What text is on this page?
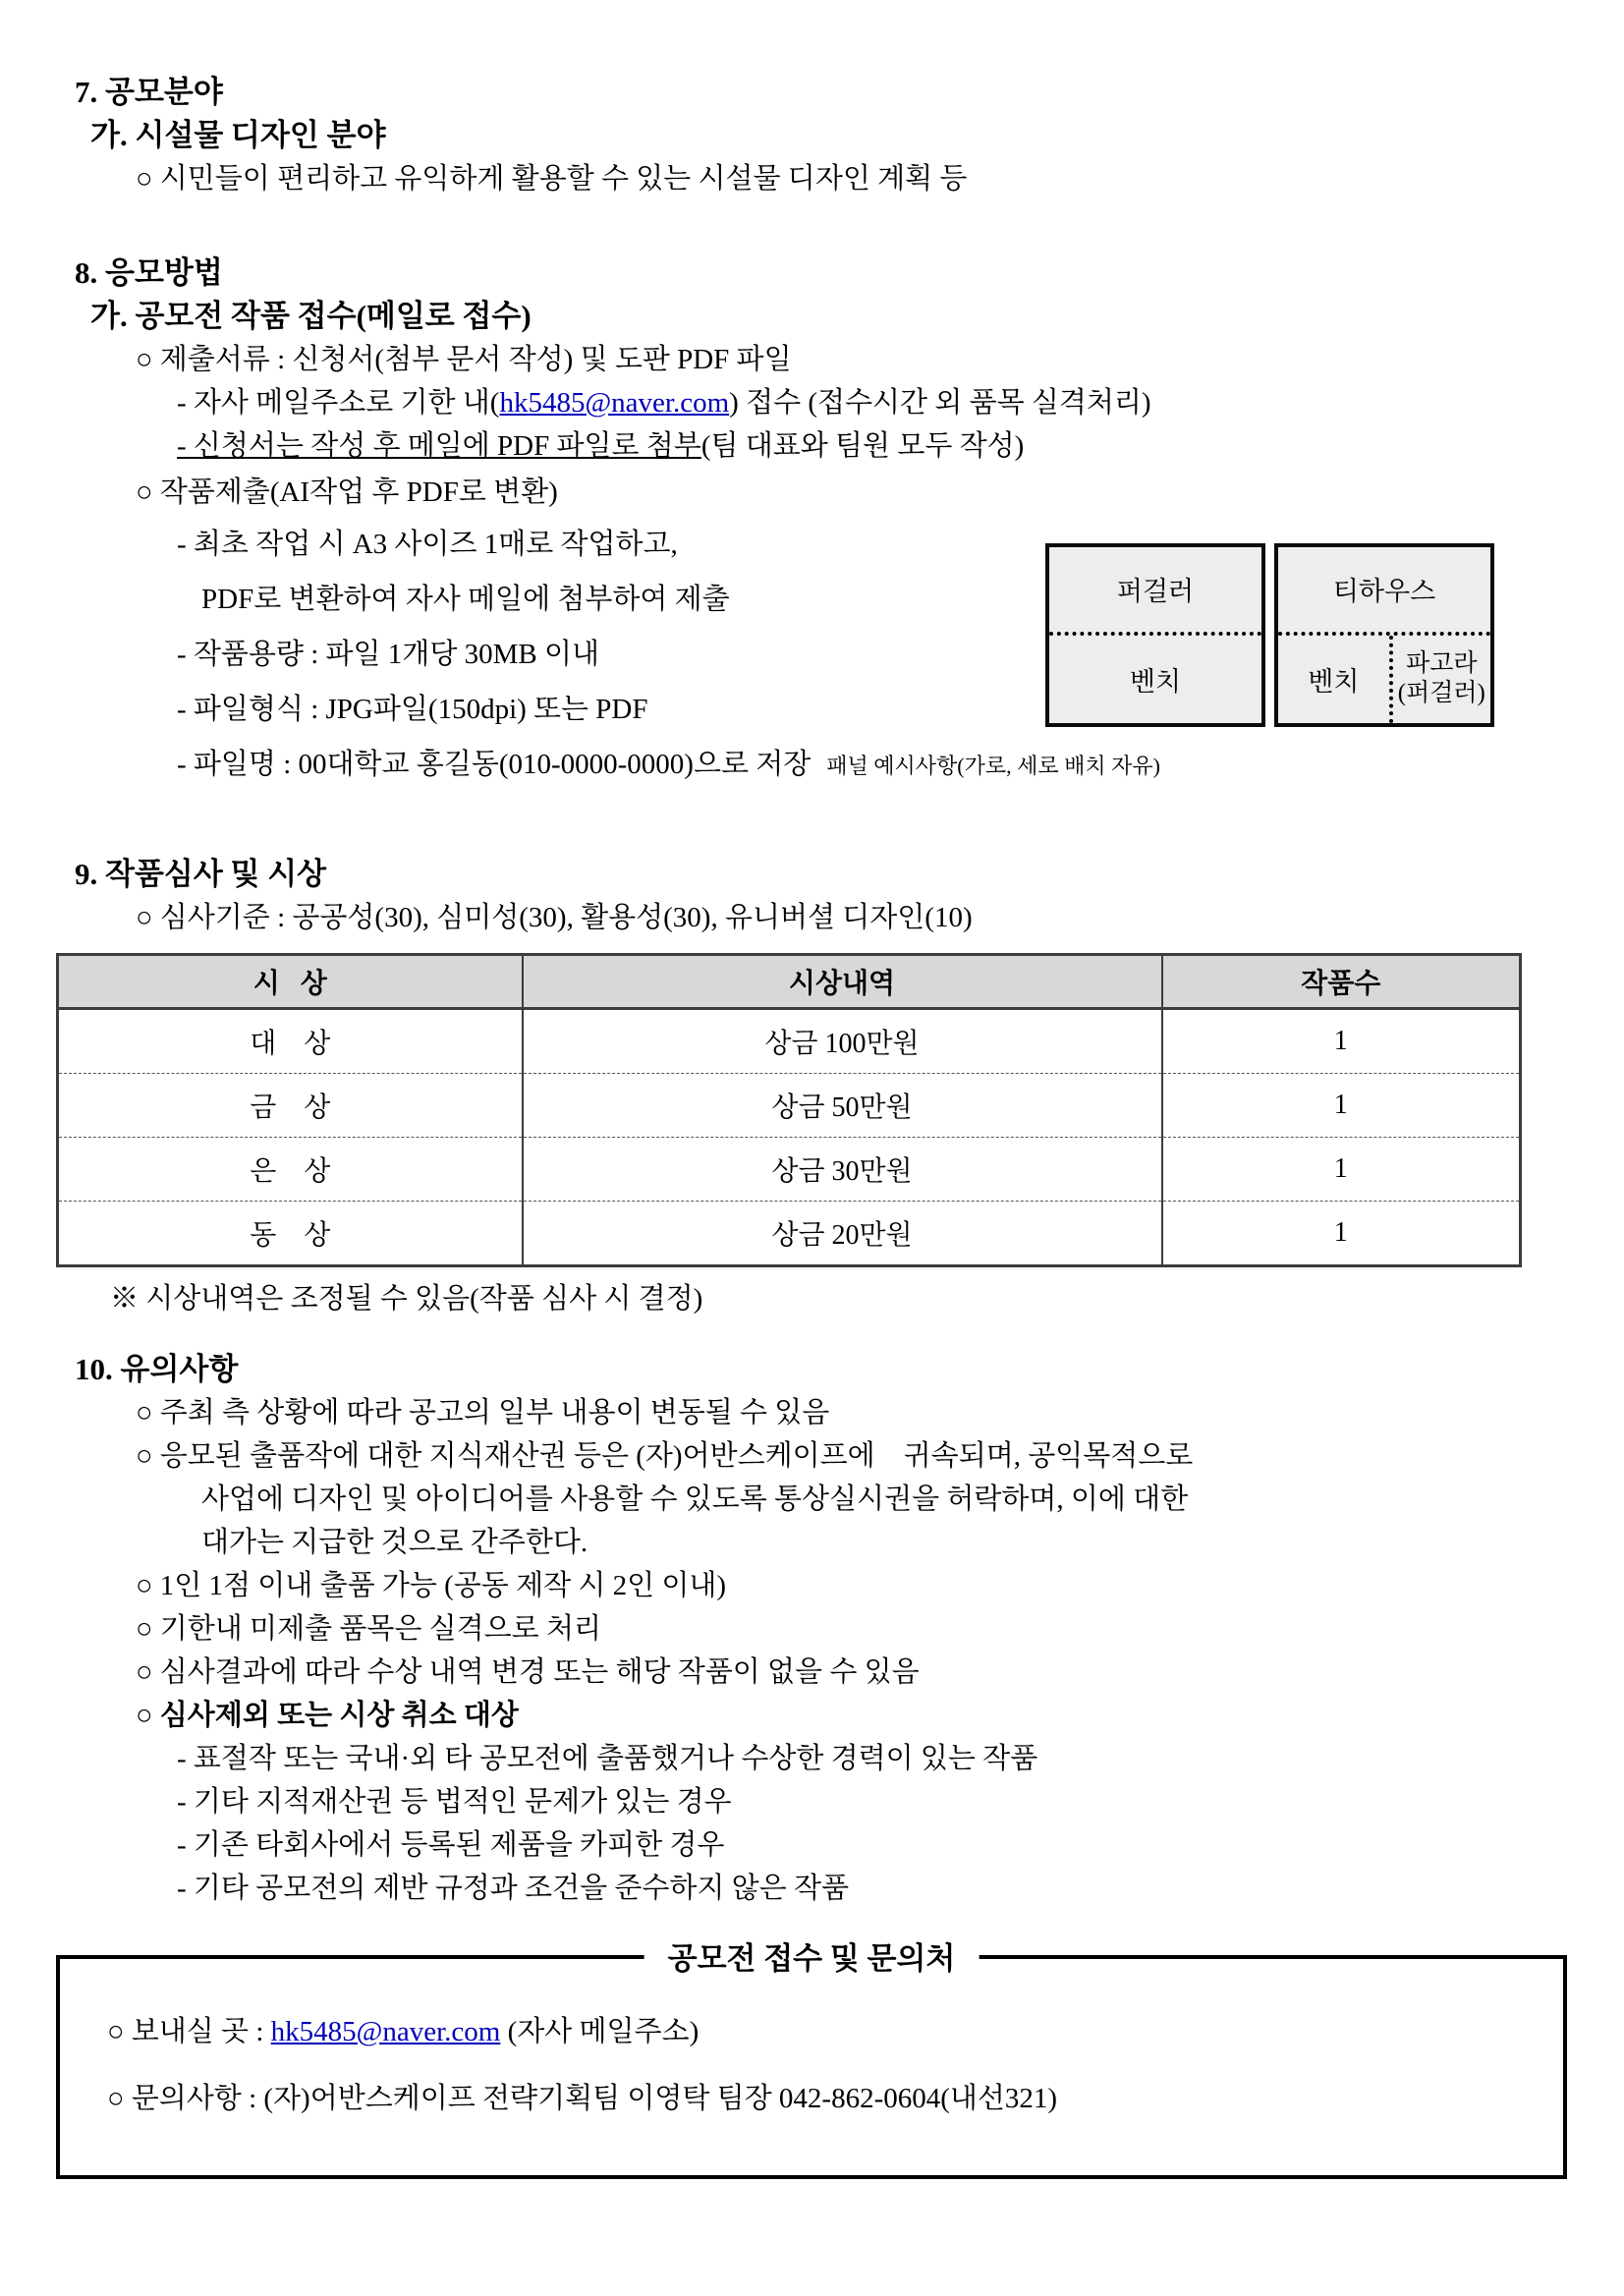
7. 공모분야
가. 시설물 디자인 분야
○ 시민들이 편리하고 유익하게 활용할 수 있는 시설물 디자인 계획 등
8. 응모방법
가. 공모전 작품 접수(메일로 접수)
○ 제출서류 : 신청서(첨부 문서 작성) 및 도판 PDF 파일
- 자사 메일주소로 기한 내(hk5485@naver.com) 접수 (접수시간 외 품목 실격처리)
- 신청서는 작성 후 메일에 PDF 파일로 첨부(팀 대표와 팀원 모두 작성)
○ 작품제출(AI작업 후 PDF로 변환)
- 최초 작업 시 A3 사이즈 1매로 작업하고,
PDF로 변환하여 자사 메일에 첨부하여 제출
- 작품용량 : 파일 1개당 30MB 이내
- 파일형식 : JPG파일(150dpi) 또는 PDF
- 파일명 : 00대학교 홍길동(010-0000-0000)으로 저장 패널 예시사항(가로, 세로 배치 자유)
퍼걸러
벤치
티하우스
벤치
파고라
(퍼걸러)
9. 작품심사 및 시상
○ 심사기준 : 공공성(30), 심미성(30), 활용성(30), 유니버셜 디자인(10)
시   상	시상내역	작품수
대    상	상금 100만원	1
금    상	상금 50만원	1
은    상	상금 30만원	1
동    상	상금 20만원	1
※ 시상내역은 조정될 수 있음(작품 심사 시 결정)
10. 유의사항
○ 주최 측 상황에 따라 공고의 일부 내용이 변동될 수 있음
○ 응모된 출품작에 대한 지식재산권 등은 (자)어반스케이프에    귀속되며, 공익목적으로
사업에 디자인 및 아이디어를 사용할 수 있도록 통상실시권을 허락하며, 이에 대한
대가는 지급한 것으로 간주한다.
○ 1인 1점 이내 출품 가능 (공동 제작 시 2인 이내)
○ 기한내 미제출 품목은 실격으로 처리
○ 심사결과에 따라 수상 내역 변경 또는 해당 작품이 없을 수 있음
○ 심사제외 또는 시상 취소 대상
- 표절작 또는 국내·외 타 공모전에 출품했거나 수상한 경력이 있는 작품
- 기타 지적재산권 등 법적인 문제가 있는 경우
- 기존 타회사에서 등록된 제품을 카피한 경우
- 기타 공모전의 제반 규정과 조건을 준수하지 않은 작품
공모전 접수 및 문의처
○ 보내실 곳 : hk5485@naver.com (자사 메일주소)
○ 문의사항 : (자)어반스케이프 전략기획팀 이영탁 팀장 042-862-0604(내선321)
